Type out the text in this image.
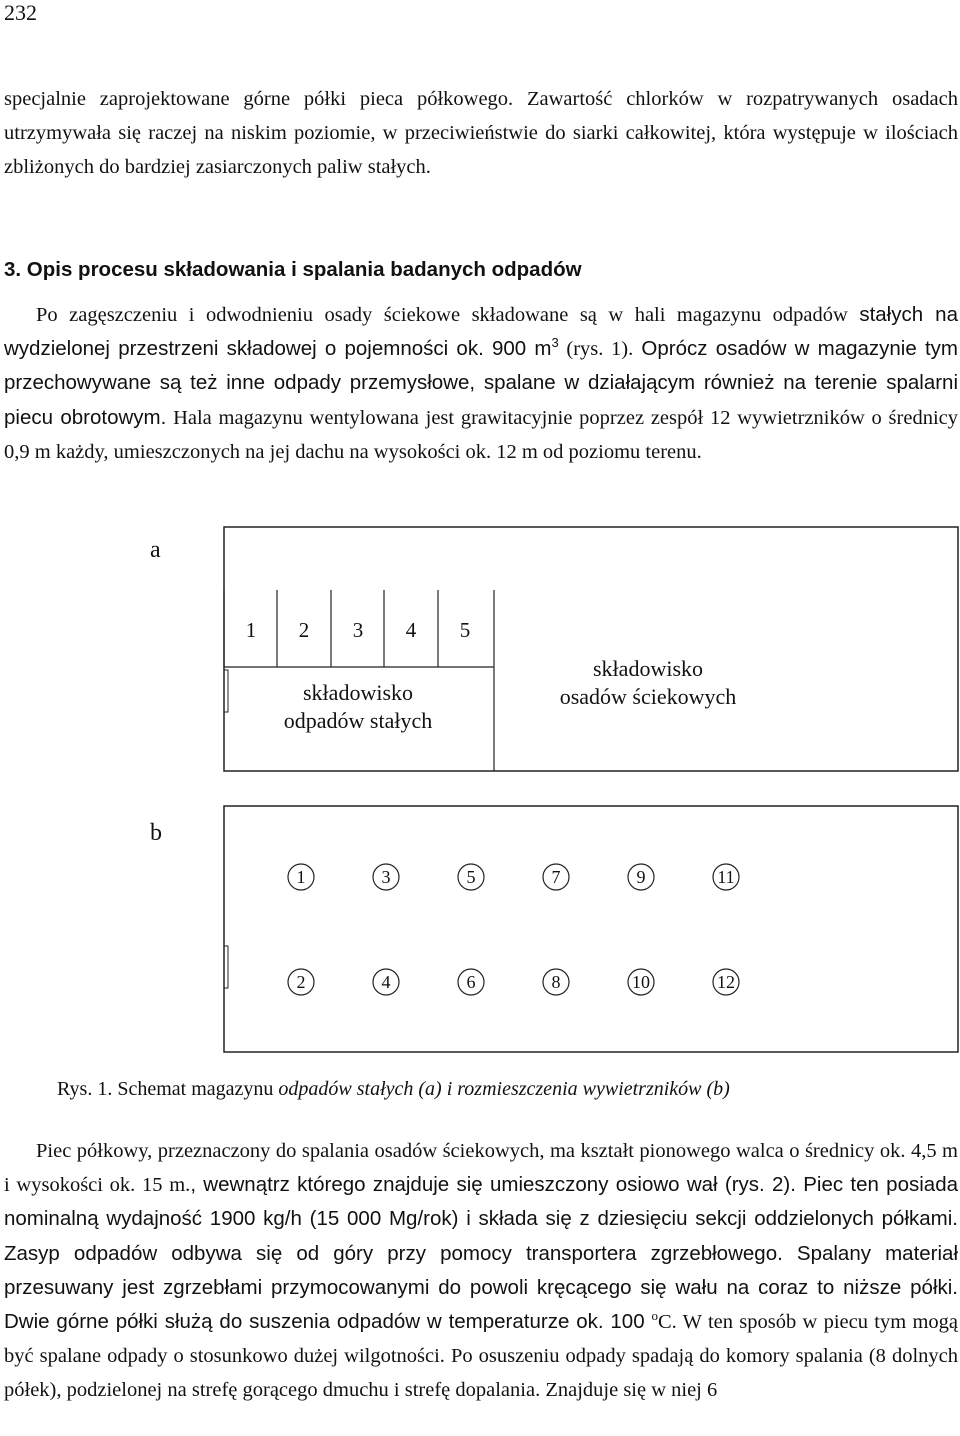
232

specjalnie zaprojektowane górne półki pieca półkowego. Zawartość chlorków w rozpatrywanych osadach utrzymywała się raczej na niskim poziomie, w przeciwieństwie do siarki całkowitej, która występuje w ilościach zbliżonych do bardziej zasiarczonych paliw stałych.

3. Opis procesu składowania i spalania badanych odpadów

Po zagęszczeniu i odwodnieniu osady ściekowe składowane są w hali magazynu odpadów stałych na wydzielonej przestrzeni składowej o pojemności ok. 900 $m^3$ (rys. 1). Oprócz osadów w magazynie tym przechowywane są też inne odpady przemysłowe, spalane w działającym również na terenie spalarni piecu obrotowym. Hala magazynu wentylowana jest grawitacyjnie poprzez zespół 12 wywietrzników o średnicy 0,9 m każdy, umieszczonych na jej dachu na wysokości ok. 12 m od poziomu terenu.

a
1 2 3 4 5
składowisko
odpadów stałych
składowisko
osadów ściekowych
b
1	3	5	7	9	11
2	4	6	8	10	12
Rys. 1. Schemat magazynu odpadów stałych (a) i rozmieszczenia wywietrzników (b)

Piec półkowy, przeznaczony do spalania osadów ściekowych, ma kształt pionowego walca o średnicy ok. 4,5 m i wysokości ok. 15 m., wewnątrz którego znajduje się umieszczony osiowo wał (rys. 2). Piec ten posiada nominalną wydajność 1900 kg/h (15 000 Mg/rok) i składa się z dziesięciu sekcji oddzielonych półkami. Zasyp odpadów odbywa się od góry przy pomocy transportera zgrzebłowego. Spalany materiał przesuwany jest zgrzebłami przymocowanymi do powoli kręcącego się wału na coraz to niższe półki. Dwie górne półki służą do suszenia odpadów w temperaturze ok. 100 $^o$C. W ten sposób w piecu tym mogą być spalane odpady o stosunkowo dużej wilgotności. Po osuszeniu odpady spadają do komory spalania (8 dolnych półek), podzielonej na strefę gorącego dmuchu i strefę dopalania. Znajduje się w niej 6
